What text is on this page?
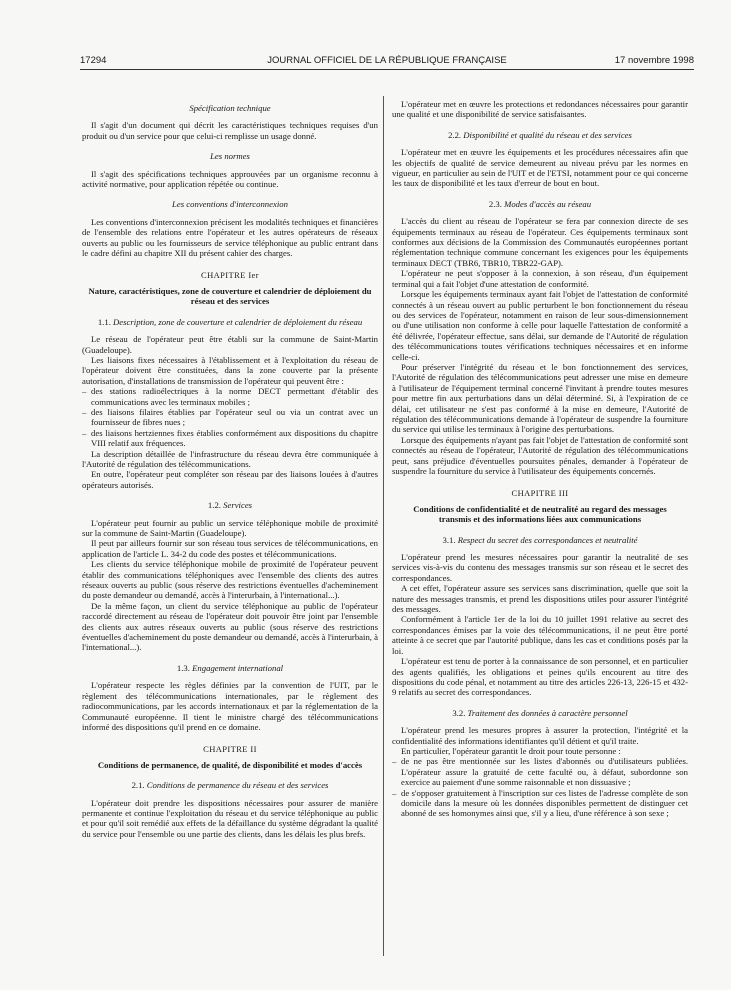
17294	JOURNAL OFFICIEL DE LA RÉPUBLIQUE FRANÇAISE	17 novembre 1998

Spécification technique

Il s'agit d'un document qui décrit les caractéristiques techniques requises d'un produit ou d'un service pour que celui-ci remplisse un usage donné.

Les normes

Il s'agit des spécifications techniques approuvées par un organisme reconnu à activité normative, pour application répétée ou continue.

Les conventions d'interconnexion

Les conventions d'interconnexion précisent les modalités techniques et financières de l'ensemble des relations entre l'opérateur et les autres opérateurs de réseaux ouverts au public ou les fournisseurs de service téléphonique au public entrant dans le cadre défini au chapitre XII du présent cahier des charges.

CHAPITRE Ier

Nature, caractéristiques, zone de couverture et calendrier de déploiement du réseau et des services

1.1. Description, zone de couverture et calendrier de déploiement du réseau

Le réseau de l'opérateur peut être établi sur la commune de Saint-Martin (Guadeloupe).

Les liaisons fixes nécessaires à l'établissement et à l'exploitation du réseau de l'opérateur doivent être constituées, dans la zone couverte par la présente autorisation, d'installations de transmission de l'opérateur qui peuvent être :

– des stations radioélectriques à la norme DECT permettant d'établir des communications avec les terminaux mobiles ;
– des liaisons filaires établies par l'opérateur seul ou via un contrat avec un fournisseur de fibres nues ;
– des liaisons hertziennes fixes établies conformément aux dispositions du chapitre VIII relatif aux fréquences.

La description détaillée de l'infrastructure du réseau devra être communiquée à l'Autorité de régulation des télécommunications.

En outre, l'opérateur peut compléter son réseau par des liaisons louées à d'autres opérateurs autorisés.

1.2. Services

L'opérateur peut fournir au public un service téléphonique mobile de proximité sur la commune de Saint-Martin (Guadeloupe).

Il peut par ailleurs fournir sur son réseau tous services de télécommunications, en application de l'article L. 34-2 du code des postes et télécommunications.

Les clients du service téléphonique mobile de proximité de l'opérateur peuvent établir des communications téléphoniques avec l'ensemble des clients des autres réseaux ouverts au public (sous réserve des restrictions éventuelles d'acheminement du poste demandeur ou demandé, accès à l'interurbain, à l'international...).

De la même façon, un client du service téléphonique au public de l'opérateur raccordé directement au réseau de l'opérateur doit pouvoir être joint par l'ensemble des clients aux autres réseaux ouverts au public (sous réserve des restrictions éventuelles d'acheminement du poste demandeur ou demandé, accès à l'interurbain, à l'international...).

1.3. Engagement international

L'opérateur respecte les règles définies par la convention de l'UIT, par le règlement des télécommunications internationales, par le règlement des radiocommunications, par les accords internationaux et par la réglementation de la Communauté européenne. Il tient le ministre chargé des télécommunications informé des dispositions qu'il prend en ce domaine.

CHAPITRE II

Conditions de permanence, de qualité, de disponibilité et modes d'accès

2.1. Conditions de permanence du réseau et des services

L'opérateur doit prendre les dispositions nécessaires pour assurer de manière permanente et continue l'exploitation du réseau et du service téléphonique au public et pour qu'il soit remédié aux effets de la défaillance du système dégradant la qualité du service pour l'ensemble ou une partie des clients, dans les délais les plus brefs.

L'opérateur met en œuvre les protections et redondances nécessaires pour garantir une qualité et une disponibilité de service satisfaisantes.

2.2. Disponibilité et qualité du réseau et des services

L'opérateur met en œuvre les équipements et les procédures nécessaires afin que les objectifs de qualité de service demeurent au niveau prévu par les normes en vigueur, en particulier au sein de l'UIT et de l'ETSI, notamment pour ce qui concerne les taux de disponibilité et les taux d'erreur de bout en bout.

2.3. Modes d'accès au réseau

L'accès du client au réseau de l'opérateur se fera par connexion directe de ses équipements terminaux au réseau de l'opérateur. Ces équipements terminaux sont conformes aux décisions de la Commission des Communautés européennes portant réglementation technique commune concernant les exigences pour les équipements terminaux DECT (TBR6, TBR10, TBR22-GAP).

L'opérateur ne peut s'opposer à la connexion, à son réseau, d'un équipement terminal qui a fait l'objet d'une attestation de conformité.

Lorsque les équipements terminaux ayant fait l'objet de l'attestation de conformité connectés à un réseau ouvert au public perturbent le bon fonctionnement du réseau ou des services de l'opérateur, notamment en raison de leur sous-dimensionnement ou d'une utilisation non conforme à celle pour laquelle l'attestation de conformité a été délivrée, l'opérateur effectue, sans délai, sur demande de l'Autorité de régulation des télécommunications toutes vérifications techniques nécessaires et en informe celle-ci.

Pour préserver l'intégrité du réseau et le bon fonctionnement des services, l'Autorité de régulation des télécommunications peut adresser une mise en demeure à l'utilisateur de l'équipement terminal concerné l'invitant à prendre toutes mesures pour mettre fin aux perturbations dans un délai déterminé. Si, à l'expiration de ce délai, cet utilisateur ne s'est pas conformé à la mise en demeure, l'Autorité de régulation des télécommunications demande à l'opérateur de suspendre la fourniture du service qui utilise les terminaux à l'origine des perturbations.

Lorsque des équipements n'ayant pas fait l'objet de l'attestation de conformité sont connectés au réseau de l'opérateur, l'Autorité de régulation des télécommunications peut, sans préjudice d'éventuelles poursuites pénales, demander à l'opérateur de suspendre la fourniture du service à l'utilisateur des équipements concernés.

CHAPITRE III

Conditions de confidentialité et de neutralité au regard des messages transmis et des informations liées aux communications

3.1. Respect du secret des correspondances et neutralité

L'opérateur prend les mesures nécessaires pour garantir la neutralité de ses services vis-à-vis du contenu des messages transmis sur son réseau et le secret des correspondances.

A cet effet, l'opérateur assure ses services sans discrimination, quelle que soit la nature des messages transmis, et prend les dispositions utiles pour assurer l'intégrité des messages.

Conformément à l'article 1er de la loi du 10 juillet 1991 relative au secret des correspondances émises par la voie des télécommunications, il ne peut être porté atteinte à ce secret que par l'autorité publique, dans les cas et conditions posés par la loi.

L'opérateur est tenu de porter à la connaissance de son personnel, et en particulier des agents qualifiés, les obligations et peines qu'ils encourent au titre des dispositions du code pénal, et notamment au titre des articles 226-13, 226-15 et 432-9 relatifs au secret des correspondances.

3.2. Traitement des données à caractère personnel

L'opérateur prend les mesures propres à assurer la protection, l'intégrité et la confidentialité des informations identifiantes qu'il détient et qu'il traite.

En particulier, l'opérateur garantit le droit pour toute personne :

– de ne pas être mentionnée sur les listes d'abonnés ou d'utilisateurs publiées. L'opérateur assure la gratuité de cette faculté ou, à défaut, subordonne son exercice au paiement d'une somme raisonnable et non dissuasive ;
– de s'opposer gratuitement à l'inscription sur ces listes de l'adresse complète de son domicile dans la mesure où les données disponibles permettent de distinguer cet abonné de ses homonymes ainsi que, s'il y a lieu, d'une référence à son sexe ;
